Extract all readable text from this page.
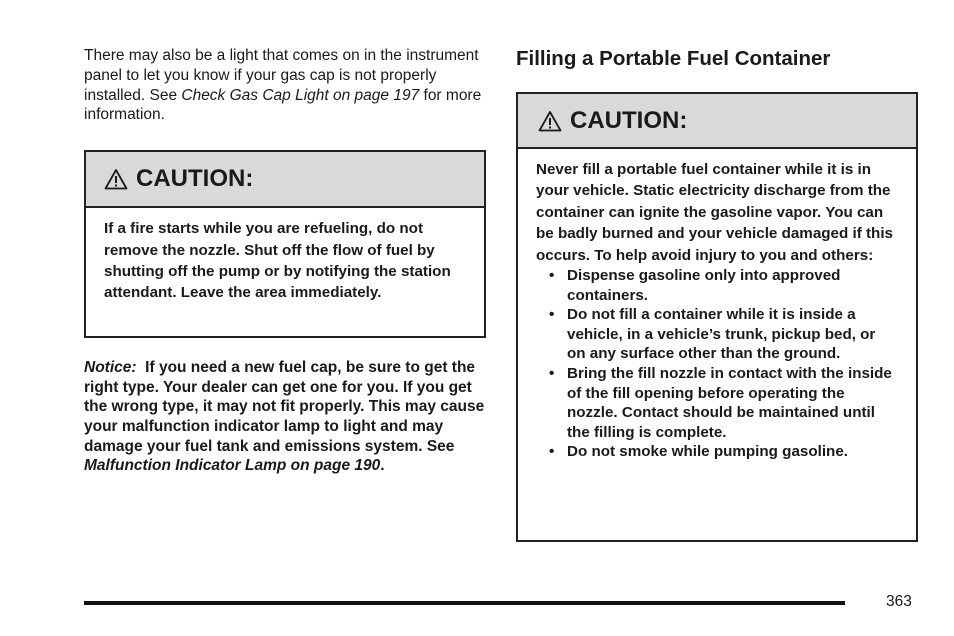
There may also be a light that comes on in the instrument panel to let you know if your gas cap is not properly installed. See Check Gas Cap Light on page 197 for more information.

CAUTION:
If a fire starts while you are refueling, do not remove the nozzle. Shut off the flow of fuel by shutting off the pump or by notifying the station attendant. Leave the area immediately.

Notice: If you need a new fuel cap, be sure to get the right type. Your dealer can get one for you. If you get the wrong type, it may not fit properly. This may cause your malfunction indicator lamp to light and may damage your fuel tank and emissions system. See Malfunction Indicator Lamp on page 190.

Filling a Portable Fuel Container
CAUTION:
Never fill a portable fuel container while it is in your vehicle. Static electricity discharge from the container can ignite the gasoline vapor. You can be badly burned and your vehicle damaged if this occurs. To help avoid injury to you and others:
• Dispense gasoline only into approved containers.
• Do not fill a container while it is inside a vehicle, in a vehicle’s trunk, pickup bed, or on any surface other than the ground.
• Bring the fill nozzle in contact with the inside of the fill opening before operating the nozzle. Contact should be maintained until the filling is complete.
• Do not smoke while pumping gasoline.
363
